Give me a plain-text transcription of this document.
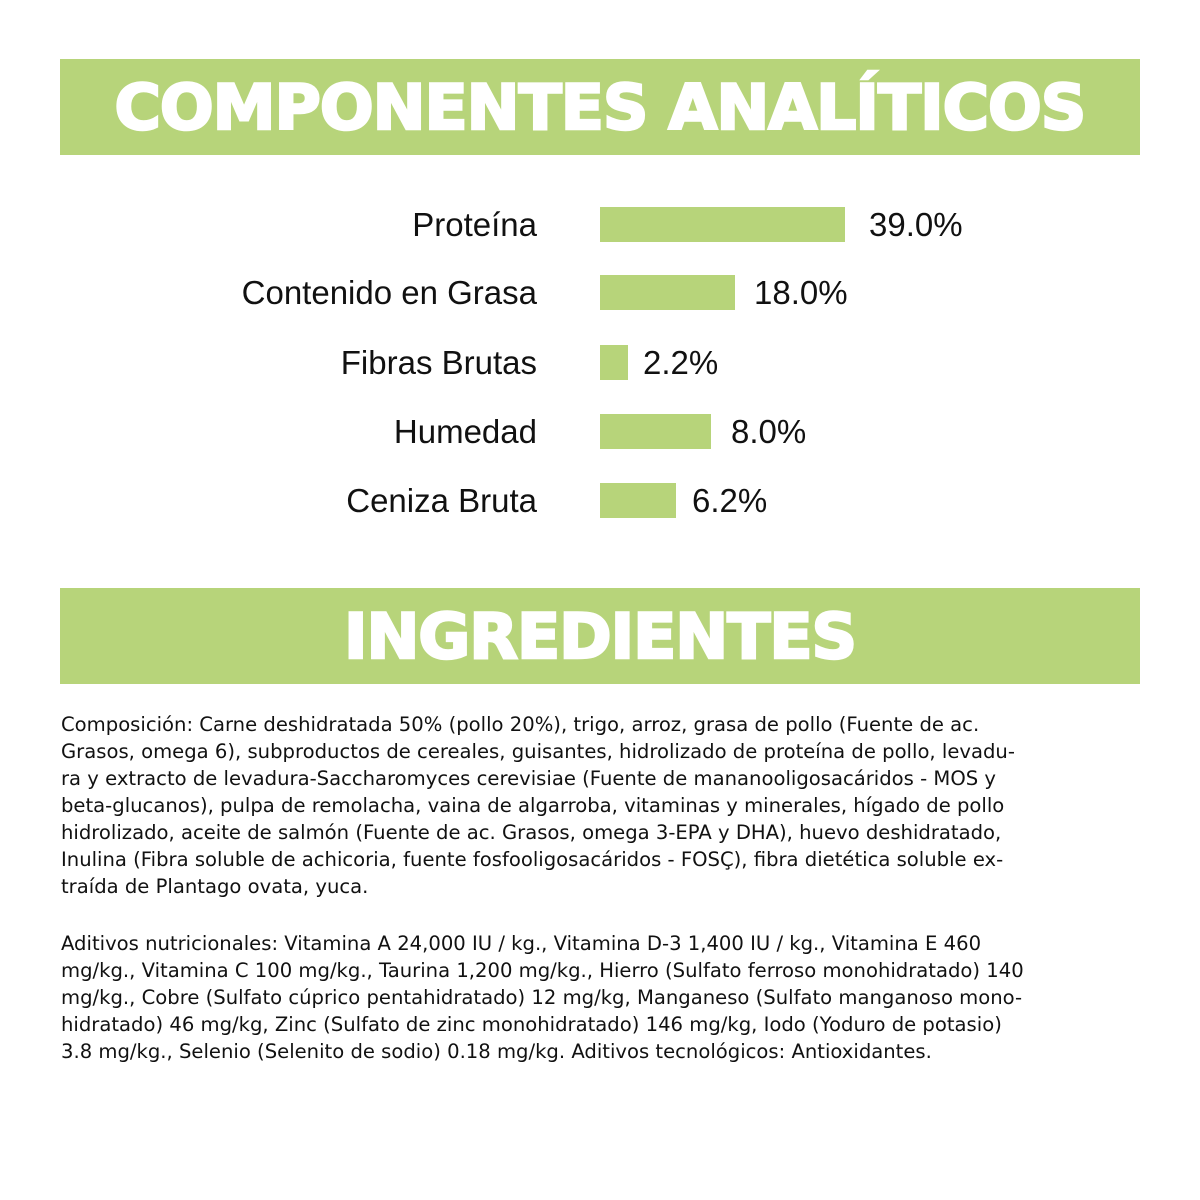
COMPONENTES ANALÍTICOS
Proteína	39.0%
Contenido en Grasa	18.0%
Fibras Brutas	2.2%
Humedad	8.0%
Ceniza Bruta	6.2%
INGREDIENTES
Composición: Carne deshidratada 50% (pollo 20%), trigo, arroz, grasa de pollo (Fuente de ac.
Grasos, omega 6), subproductos de cereales, guisantes, hidrolizado de proteína de pollo, levadu-
ra y extracto de levadura-Saccharomyces cerevisiae (Fuente de mananooligosacáridos - MOS y
beta-glucanos), pulpa de remolacha, vaina de algarroba, vitaminas y minerales, hígado de pollo
hidrolizado, aceite de salmón (Fuente de ac. Grasos, omega 3-EPA y DHA), huevo deshidratado,
Inulina (Fibra soluble de achicoria, fuente fosfooligosacáridos - FOSÇ), fibra dietética soluble ex-
traída de Plantago ovata, yuca.
Aditivos nutricionales: Vitamina A 24,000 IU / kg., Vitamina D-3 1,400 IU / kg., Vitamina E 460
mg/kg., Vitamina C 100 mg/kg., Taurina 1,200 mg/kg., Hierro (Sulfato ferroso monohidratado) 140
mg/kg., Cobre (Sulfato cúprico pentahidratado) 12 mg/kg, Manganeso (Sulfato manganoso mono-
hidratado) 46 mg/kg, Zinc (Sulfato de zinc monohidratado) 146 mg/kg, Iodo (Yoduro de potasio)
3.8 mg/kg., Selenio (Selenito de sodio) 0.18 mg/kg. Aditivos tecnológicos: Antioxidantes.
